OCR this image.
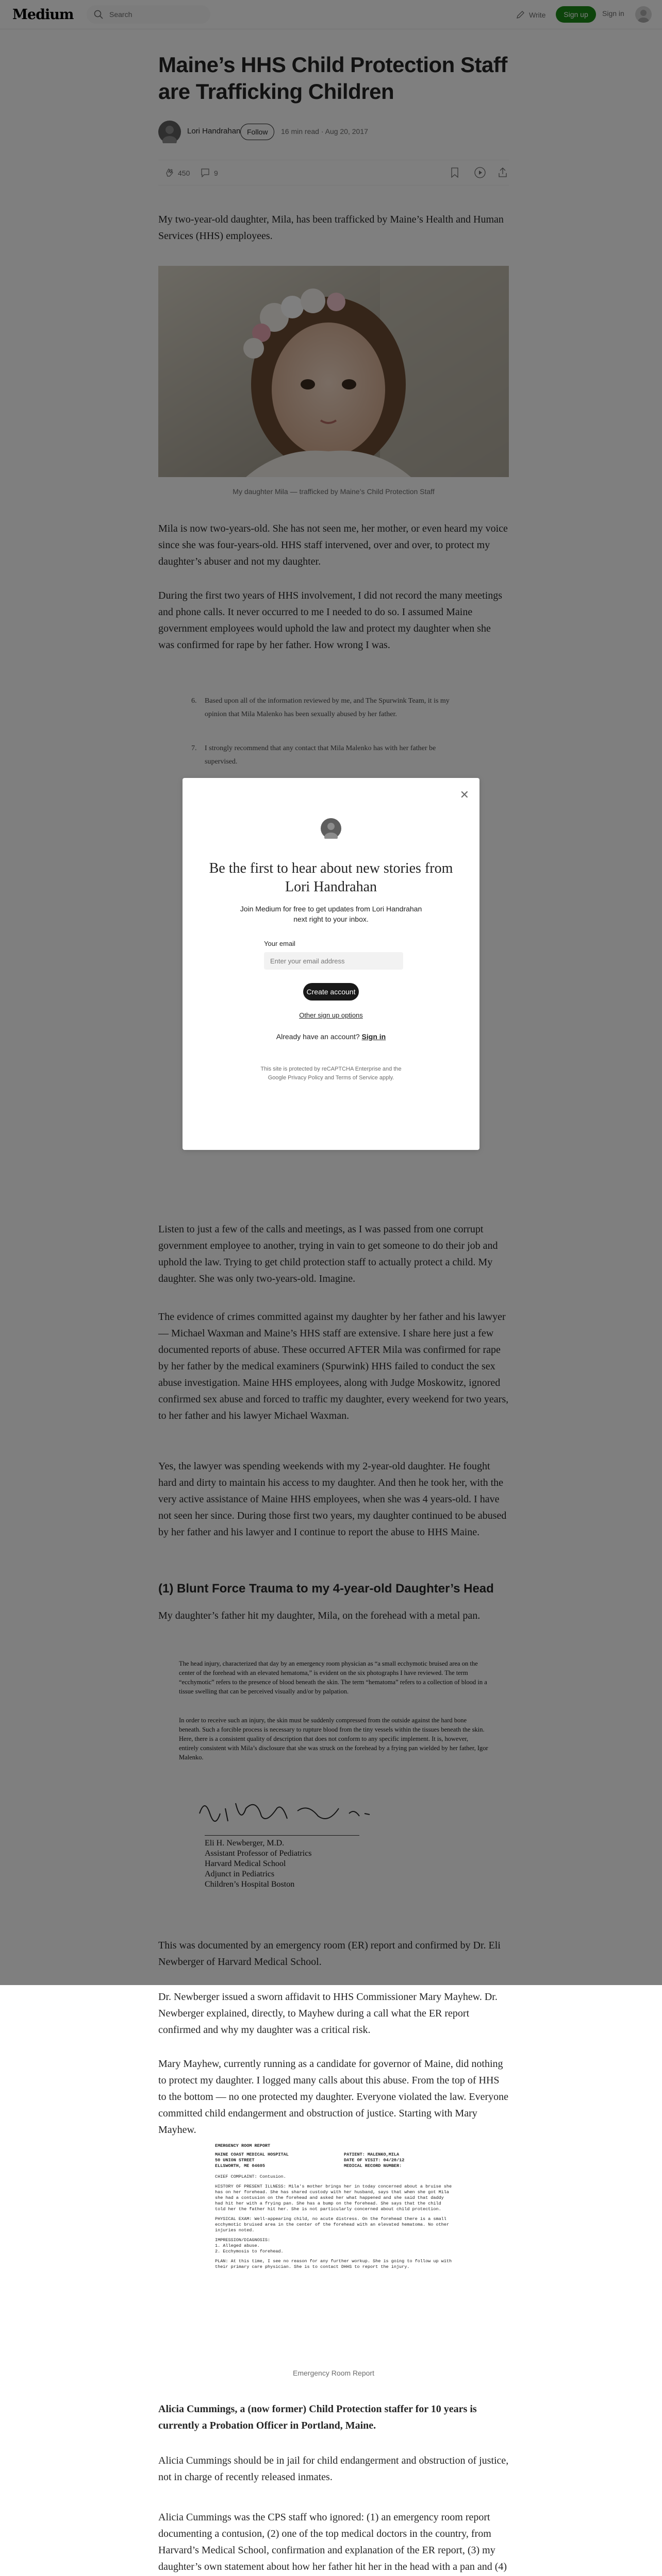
Dr. Newberger issued a sworn affidavit to HHS Commissioner Mary Mayhew. Dr. Newberger explained, directly, to Mayhew during a call what the ER report confirmed and why my daughter was a critical risk.

Mary Mayhew, currently running as a candidate for governor of Maine, did nothing to protect my daughter. I logged many calls about this abuse. From the top of HHS to the bottom — no one protected my daughter. Everyone violated the law. Everyone committed child endangerment and obstruction of justice. Starting with Mary Mayhew.

EMERGENCY ROOM REPORT
MAINE COAST MEDICAL HOSPITAL
50 UNION STREET
ELLSWORTH, ME 04605
PATIENT: MALENKO,MILA
DATE OF VISIT: 04/20/12
MEDICAL RECORD NUMBER:
CHIEF COMPLAINT: Contusion.
HISTORY OF PRESENT ILLNESS: Mila's mother brings her in today concerned about a bruise she has on her forehead. She has shared custody with her husband, says that when she got Mila she had a contusion on the forehead and asked her what happened and she said that daddy had hit her with a frying pan. She has a bump on the forehead. She says that the child told her the father hit her. She is not particularly concerned about child protection.
PHYSICAL EXAM: Well-appearing child, no acute distress. On the forehead there is a small ecchymotic bruised area in the center of the forehead with an elevated hematoma. No other injuries noted.
IMPRESSION/DIAGNOSIS:
1. Alleged abuse.
2. Ecchymosis to forehead.
PLAN: At this time, I see no reason for any further workup. She is going to follow up with their primary care physician. She is to contact DHHS to report the injury.
Emergency Room Report

Alicia Cummings, a (now former) Child Protection staffer for 10 years is currently a Probation Officer in Portland, Maine.

Alicia Cummings should be in jail for child endangerment and obstruction of justice, not in charge of recently released inmates.

Alicia Cummings was the CPS staff who ignored: (1) an emergency room report documenting a contusion, (2) one of the top medical doctors in the country, from Harvard’s Medical School, confirmation and explanation of the ER report, (3) my daughter’s own statement about how her father hit her in the head with a pan and (4)

✕
Be the first to hear about new stories from Lori Handrahan
Join Medium for free to get updates from Lori Handrahan next right to your inbox.
Your email
Enter your email address
Create account
Other sign up options
Already have an account? Sign in
This site is protected by reCAPTCHA Enterprise and the Google Privacy Policy and Terms of Service apply.
